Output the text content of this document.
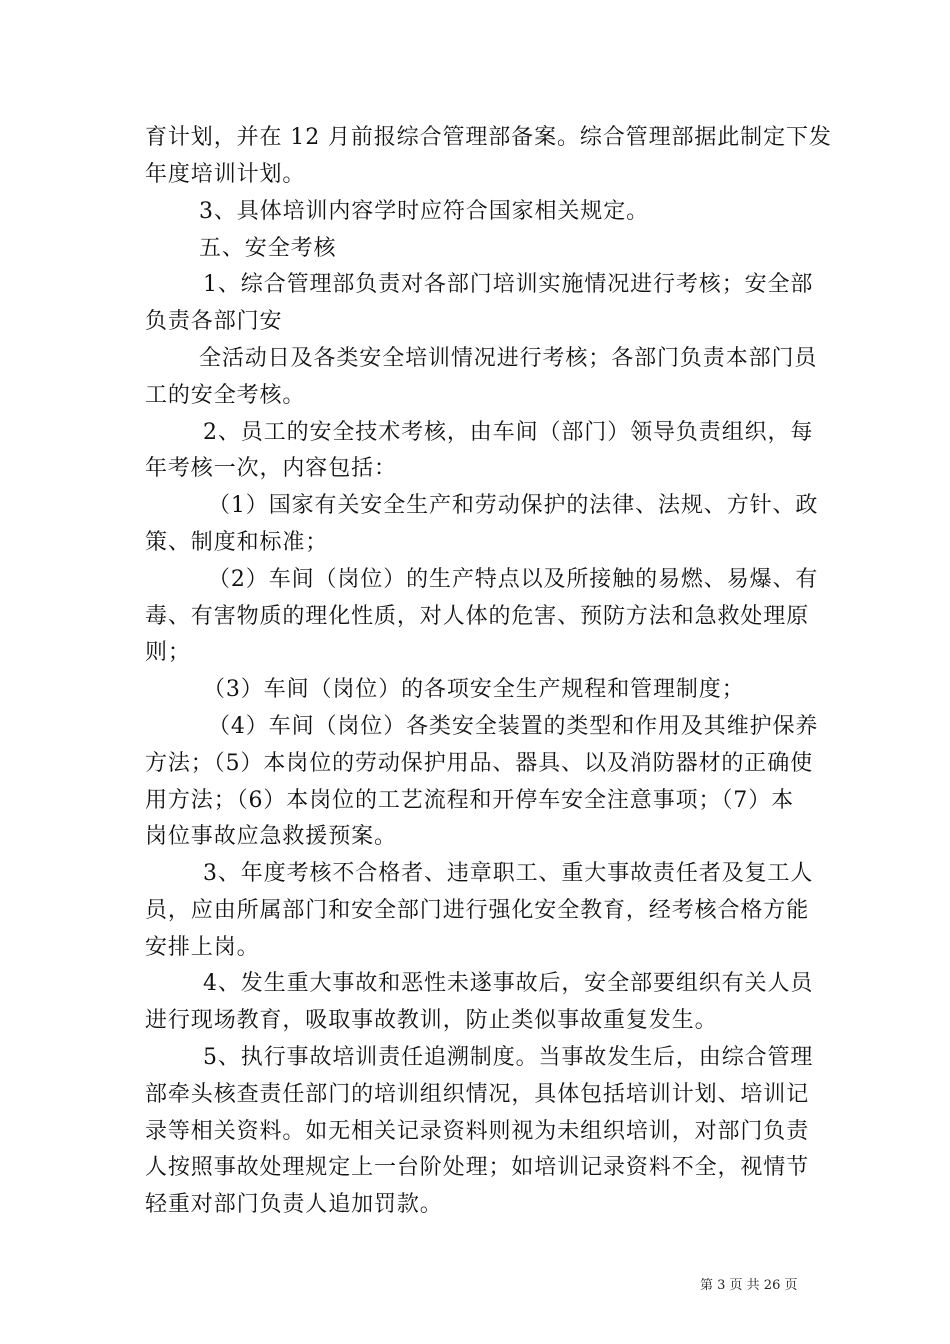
育计划，并在 12 月前报综合管理部备案。综合管理部据此制定下发
年度培训计划。
3、具体培训内容学时应符合国家相关规定。
五、安全考核
1、综合管理部负责对各部门培训实施情况进行考核；安全部
负责各部门安
全活动日及各类安全培训情况进行考核；各部门负责本部门员
工的安全考核。
2、员工的安全技术考核，由车间（部门）领导负责组织，每
年考核一次，内容包括：
（1）国家有关安全生产和劳动保护的法律、法规、方针、政
策、制度和标准；
（2）车间（岗位）的生产特点以及所接触的易燃、易爆、有
毒、有害物质的理化性质，对人体的危害、预防方法和急救处理原
则；
（3）车间（岗位）的各项安全生产规程和管理制度；
（4）车间（岗位）各类安全装置的类型和作用及其维护保养
方法；（5）本岗位的劳动保护用品、器具、以及消防器材的正确使
用方法；（6）本岗位的工艺流程和开停车安全注意事项；（7）本
岗位事故应急救援预案。
3、年度考核不合格者、违章职工、重大事故责任者及复工人
员，应由所属部门和安全部门进行强化安全教育，经考核合格方能
安排上岗。
4、发生重大事故和恶性未遂事故后，安全部要组织有关人员
进行现场教育，吸取事故教训，防止类似事故重复发生。
5、执行事故培训责任追溯制度。当事故发生后，由综合管理
部牵头核查责任部门的培训组织情况，具体包括培训计划、培训记
录等相关资料。如无相关记录资料则视为未组织培训，对部门负责
人按照事故处理规定上一台阶处理；如培训记录资料不全，视情节
轻重对部门负责人追加罚款。
第 3 页 共 26 页
